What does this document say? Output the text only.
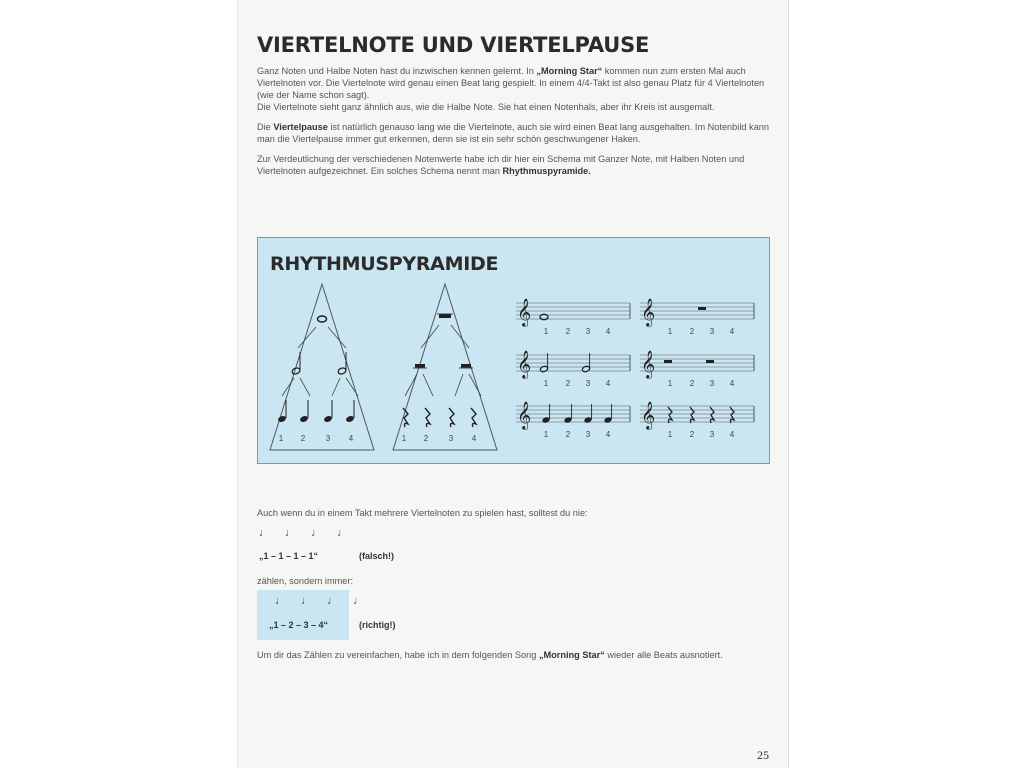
VIERTELNOTE UND VIERTELPAUSE

Ganz Noten und Halbe Noten hast du inzwischen kennen gelernt. In „Morning Star“ kommen nun zum ersten Mal auch Viertelnoten vor. Die Viertelnote wird genau einen Beat lang gespielt. In einem 4/4-Takt ist also genau Platz für 4 Viertelnoten (wie der Name schon sagt).
Die Viertelnote sieht ganz ähnlich aus, wie die Halbe Note. Sie hat einen Notenhals, aber ihr Kreis ist ausgemalt.

Die Viertelpause ist natürlich genauso lang wie die Viertelnote, auch sie wird einen Beat lang ausgehalten. Im Notenbild kann man die Viertelpause immer gut erkennen, denn sie ist ein sehr schön geschwungener Haken.

Zur Verdeutlichung der verschiedenen Notenwerte habe ich dir hier ein Schema mit Ganzer Note, mit Halben Noten und Viertelnoten aufgezeichnet. Ein solches Schema nennt man Rhythmuspyramide.

RHYTHMUSPYRAMIDE
1 2	3 4	1 2	3 4
𝄞
1 2 3 4
𝄞
1 2 3 4
𝄞
1 2 3 4
𝄞
1 2 3 4
𝄞
1 2 3 4
𝄞
1 2 3 4

Auch wenn du in einem Takt mehrere Viertelnoten zu spielen hast, solltest du nie:

♩ ♩ ♩ ♩
„1 – 1 – 1 – 1“	(falsch!)

zählen, sondern immer:

♩ ♩ ♩ ♩
„1 – 2 – 3 – 4“	(richtig!)

Um dir das Zählen zu vereinfachen, habe ich in dem folgenden Song „Morning Star“ wieder alle Beats ausnotiert.

25
